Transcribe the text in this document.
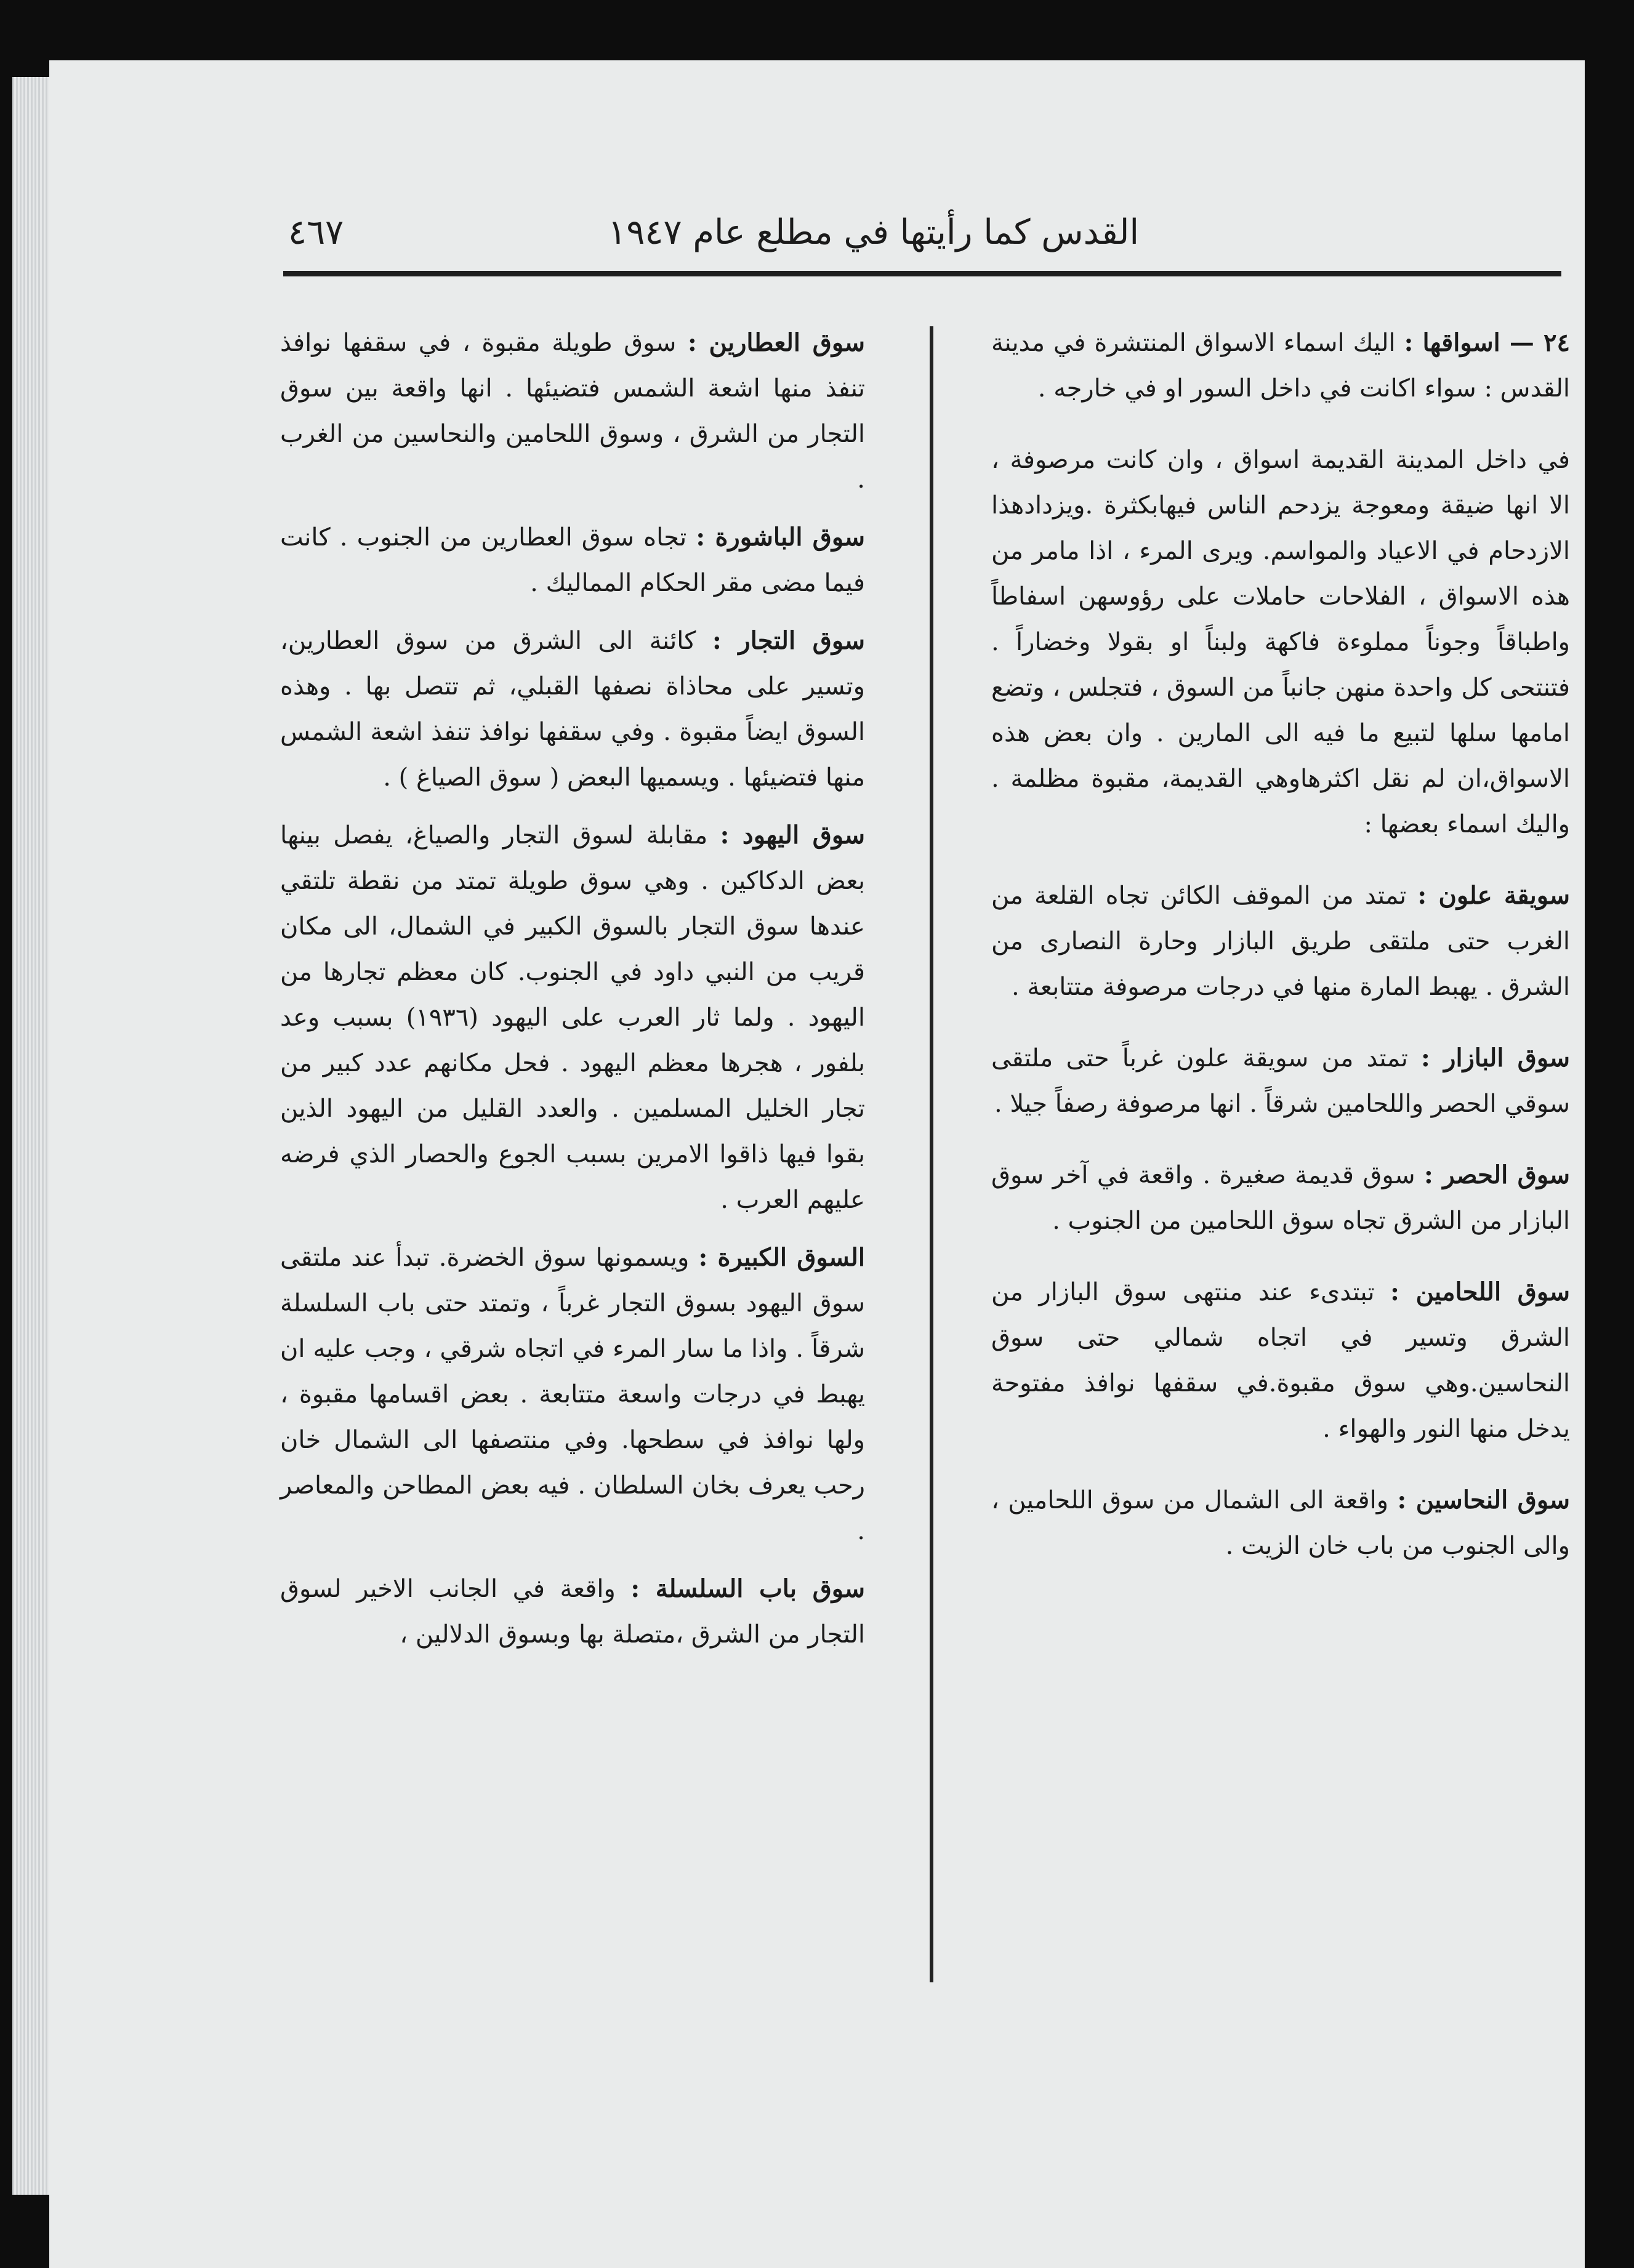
القدس كما رأيتها في مطلع عام ١٩٤٧
٤٦٧

٢٤ — اسواقها : اليك اسماء الاسواق المنتشرة في مدينة القدس : سواء اكانت في داخل السور او في خارجه .

في داخل المدينة القديمة اسواق ، وان كانت مرصوفة ، الا انها ضيقة ومعوجة يزدحم الناس فيهابكثرة .ويزدادهذا الازدحام في الاعياد والمواسم. ويرى المرء ، اذا مامر من هذه الاسواق ، الفلاحات حاملات على رؤوسهن اسفاطاً واطباقاً وجوناً مملوءة فاكهة ولبناً او بقولا وخضاراً . فتنتحى كل واحدة منهن جانباً من السوق ، فتجلس ، وتضع امامها سلها لتبيع ما فيه الى المارين . وان بعض هذه الاسواق،ان لم نقل اكثرهاوهي القديمة، مقبوة مظلمة . واليك اسماء بعضها :

سويقة علون : تمتد من الموقف الكائن تجاه القلعة من الغرب حتى ملتقى طريق البازار وحارة النصارى من الشرق . يهبط المارة منها في درجات مرصوفة متتابعة .

سوق البازار : تمتد من سويقة علون غرباً حتى ملتقى سوقي الحصر واللحامين شرقاً . انها مرصوفة رصفاً جيلا .

سوق الحصر : سوق قديمة صغيرة . واقعة في آخر سوق البازار من الشرق تجاه سوق اللحامين من الجنوب .

سوق اللحامين : تبتدىء عند منتهى سوق البازار من الشرق وتسير في اتجاه شمالي حتى سوق النحاسين.وهي سوق مقبوة.في سقفها نوافذ مفتوحة يدخل منها النور والهواء .

سوق النحاسين : واقعة الى الشمال من سوق اللحامين ، والى الجنوب من باب خان الزيت .

سوق العطارين : سوق طويلة مقبوة ، في سقفها نوافذ تنفذ منها اشعة الشمس فتضيئها . انها واقعة بين سوق التجار من الشرق ، وسوق اللحامين والنحاسين من الغرب .

سوق الباشورة : تجاه سوق العطارين من الجنوب . كانت فيما مضى مقر الحكام المماليك .

سوق التجار : كائنة الى الشرق من سوق العطارين، وتسير على محاذاة نصفها القبلي، ثم تتصل بها . وهذه السوق ايضاً مقبوة . وفي سقفها نوافذ تنفذ اشعة الشمس منها فتضيئها . ويسميها البعض ( سوق الصياغ ) .

سوق اليهود : مقابلة لسوق التجار والصياغ، يفصل بينها بعض الدكاكين . وهي سوق طويلة تمتد من نقطة تلتقي عندها سوق التجار بالسوق الكبير في الشمال، الى مكان قريب من النبي داود في الجنوب. كان معظم تجارها من اليهود . ولما ثار العرب على اليهود (١٩٣٦) بسبب وعد بلفور ، هجرها معظم اليهود . فحل مكانهم عدد كبير من تجار الخليل المسلمين . والعدد القليل من اليهود الذين بقوا فيها ذاقوا الامرين بسبب الجوع والحصار الذي فرضه عليهم العرب .

السوق الكبيرة : ويسمونها سوق الخضرة. تبدأ عند ملتقى سوق اليهود بسوق التجار غرباً ، وتمتد حتى باب السلسلة شرقاً . واذا ما سار المرء في اتجاه شرقي ، وجب عليه ان يهبط في درجات واسعة متتابعة . بعض اقسامها مقبوة ، ولها نوافذ في سطحها. وفي منتصفها الى الشمال خان رحب يعرف بخان السلطان . فيه بعض المطاحن والمعاصر .

سوق باب السلسلة : واقعة في الجانب الاخير لسوق التجار من الشرق ،متصلة بها وبسوق الدلالين ،
